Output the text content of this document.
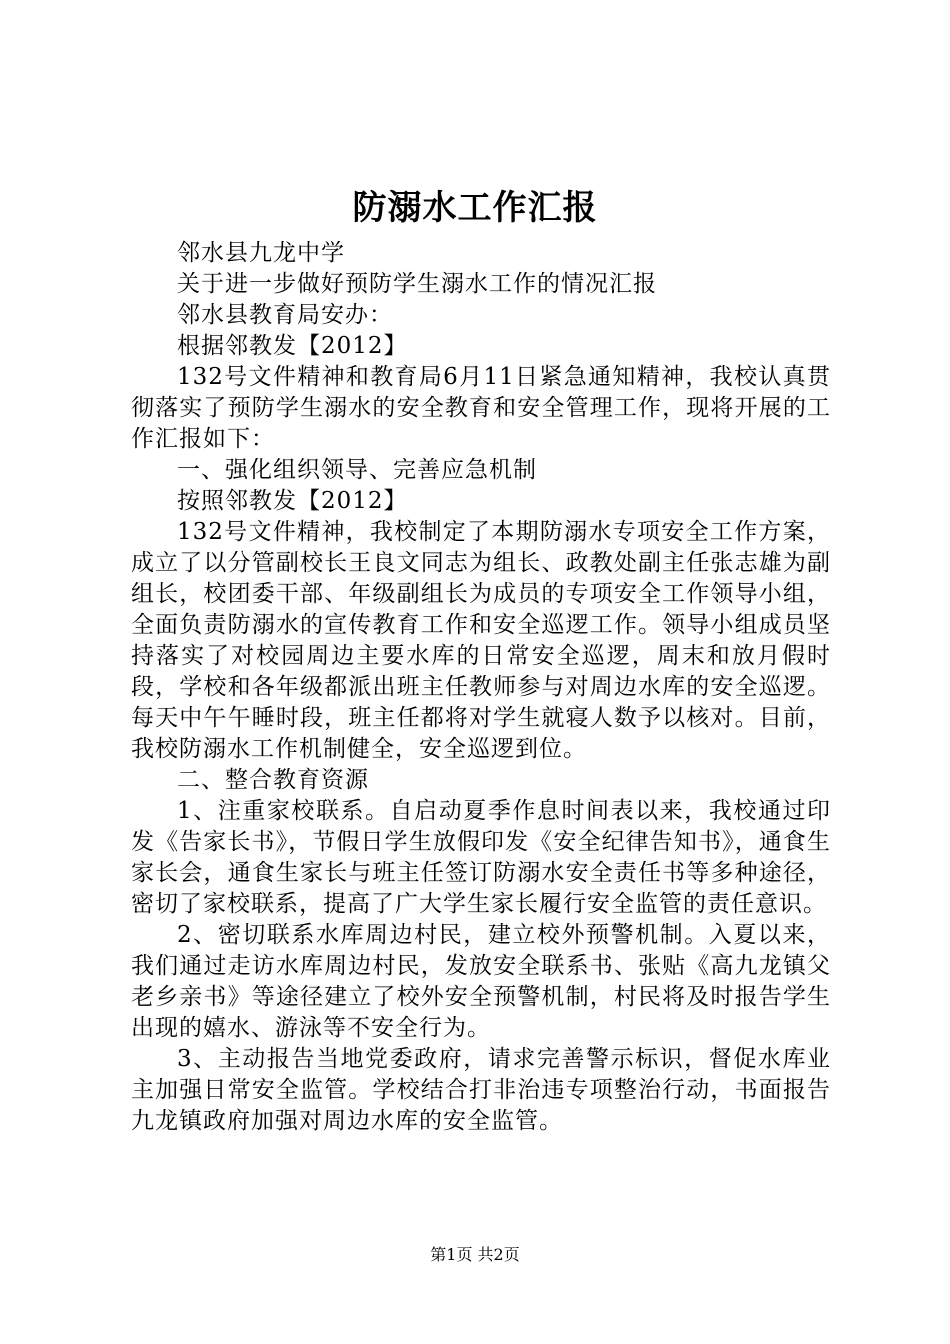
防溺水工作汇报

邻水县九龙中学

关于进一步做好预防学生溺水工作的情况汇报

邻水县教育局安办：

根据邻教发【2012】

132号文件精神和教育局6月11日紧急通知精神，我校认真贯彻落实了预防学生溺水的安全教育和安全管理工作，现将开展的工作汇报如下：

一、强化组织领导、完善应急机制

按照邻教发【2012】

132号文件精神，我校制定了本期防溺水专项安全工作方案，成立了以分管副校长王良文同志为组长、政教处副主任张志雄为副组长，校团委干部、年级副组长为成员的专项安全工作领导小组，全面负责防溺水的宣传教育工作和安全巡逻工作。领导小组成员坚持落实了对校园周边主要水库的日常安全巡逻，周末和放月假时段，学校和各年级都派出班主任教师参与对周边水库的安全巡逻。每天中午午睡时段，班主任都将对学生就寝人数予以核对。目前，我校防溺水工作机制健全，安全巡逻到位。

二、整合教育资源

1、注重家校联系。自启动夏季作息时间表以来，我校通过印发《告家长书》，节假日学生放假印发《安全纪律告知书》，通食生家长会，通食生家长与班主任签订防溺水安全责任书等多种途径，密切了家校联系，提高了广大学生家长履行安全监管的责任意识。

2、密切联系水库周边村民，建立校外预警机制。入夏以来，我们通过走访水库周边村民，发放安全联系书、张贴《高九龙镇父老乡亲书》等途径建立了校外安全预警机制，村民将及时报告学生出现的嬉水、游泳等不安全行为。

3、主动报告当地党委政府，请求完善警示标识，督促水库业主加强日常安全监管。学校结合打非治违专项整治行动，书面报告九龙镇政府加强对周边水库的安全监管。

第1页 共2页
